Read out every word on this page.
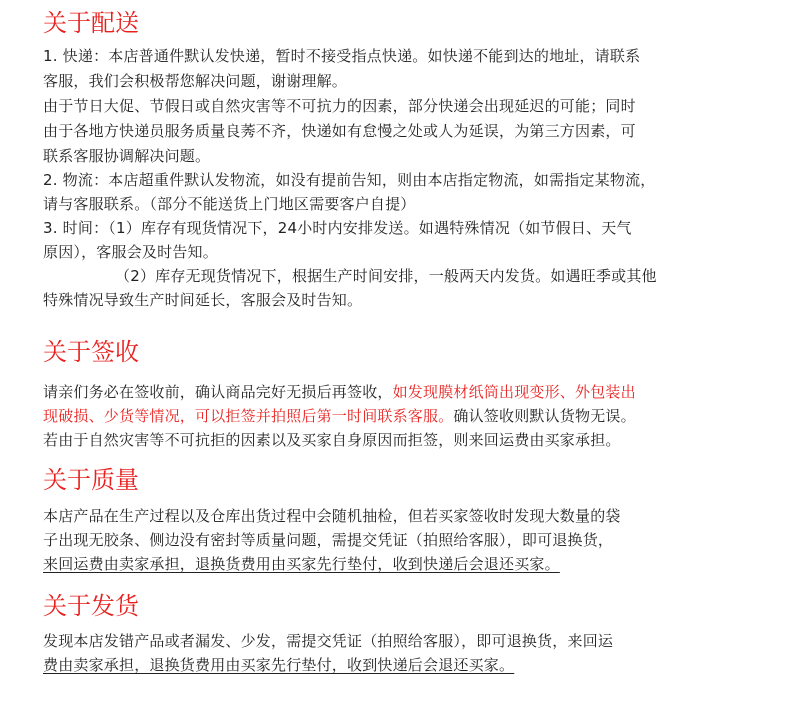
关于配送
1. 快递：本店普通件默认发快递，暂时不接受指点快递。如快递不能到达的地址，请联系
客服，我们会积极帮您解决问题，谢谢理解。
由于节日大促、节假日或自然灾害等不可抗力的因素，部分快递会出现延迟的可能；同时
由于各地方快递员服务质量良莠不齐，快递如有怠慢之处或人为延误，为第三方因素，可
联系客服协调解决问题。
2. 物流：本店超重件默认发物流，如没有提前告知，则由本店指定物流，如需指定某物流，
请与客服联系。（部分不能送货上门地区需要客户自提）
3. 时间：（1）库存有现货情况下，24小时内安排发送。如遇特殊情况（如节假日、天气
原因），客服会及时告知。
（2）库存无现货情况下，根据生产时间安排，一般两天内发货。如遇旺季或其他
特殊情况导致生产时间延长，客服会及时告知。
关于签收
请亲们务必在签收前，确认商品完好无损后再签收，如发现膜材纸筒出现变形、外包装出
现破损、少货等情况，可以拒签并拍照后第一时间联系客服。确认签收则默认货物无误。
若由于自然灾害等不可抗拒的因素以及买家自身原因而拒签，则来回运费由买家承担。
关于质量
本店产品在生产过程以及仓库出货过程中会随机抽检，但若买家签收时发现大数量的袋
子出现无胶条、侧边没有密封等质量问题，需提交凭证（拍照给客服），即可退换货，
来回运费由卖家承担，退换货费用由买家先行垫付，收到快递后会退还买家。
关于发货
发现本店发错产品或者漏发、少发，需提交凭证（拍照给客服），即可退换货，来回运
费由卖家承担，退换货费用由买家先行垫付，收到快递后会退还买家。
